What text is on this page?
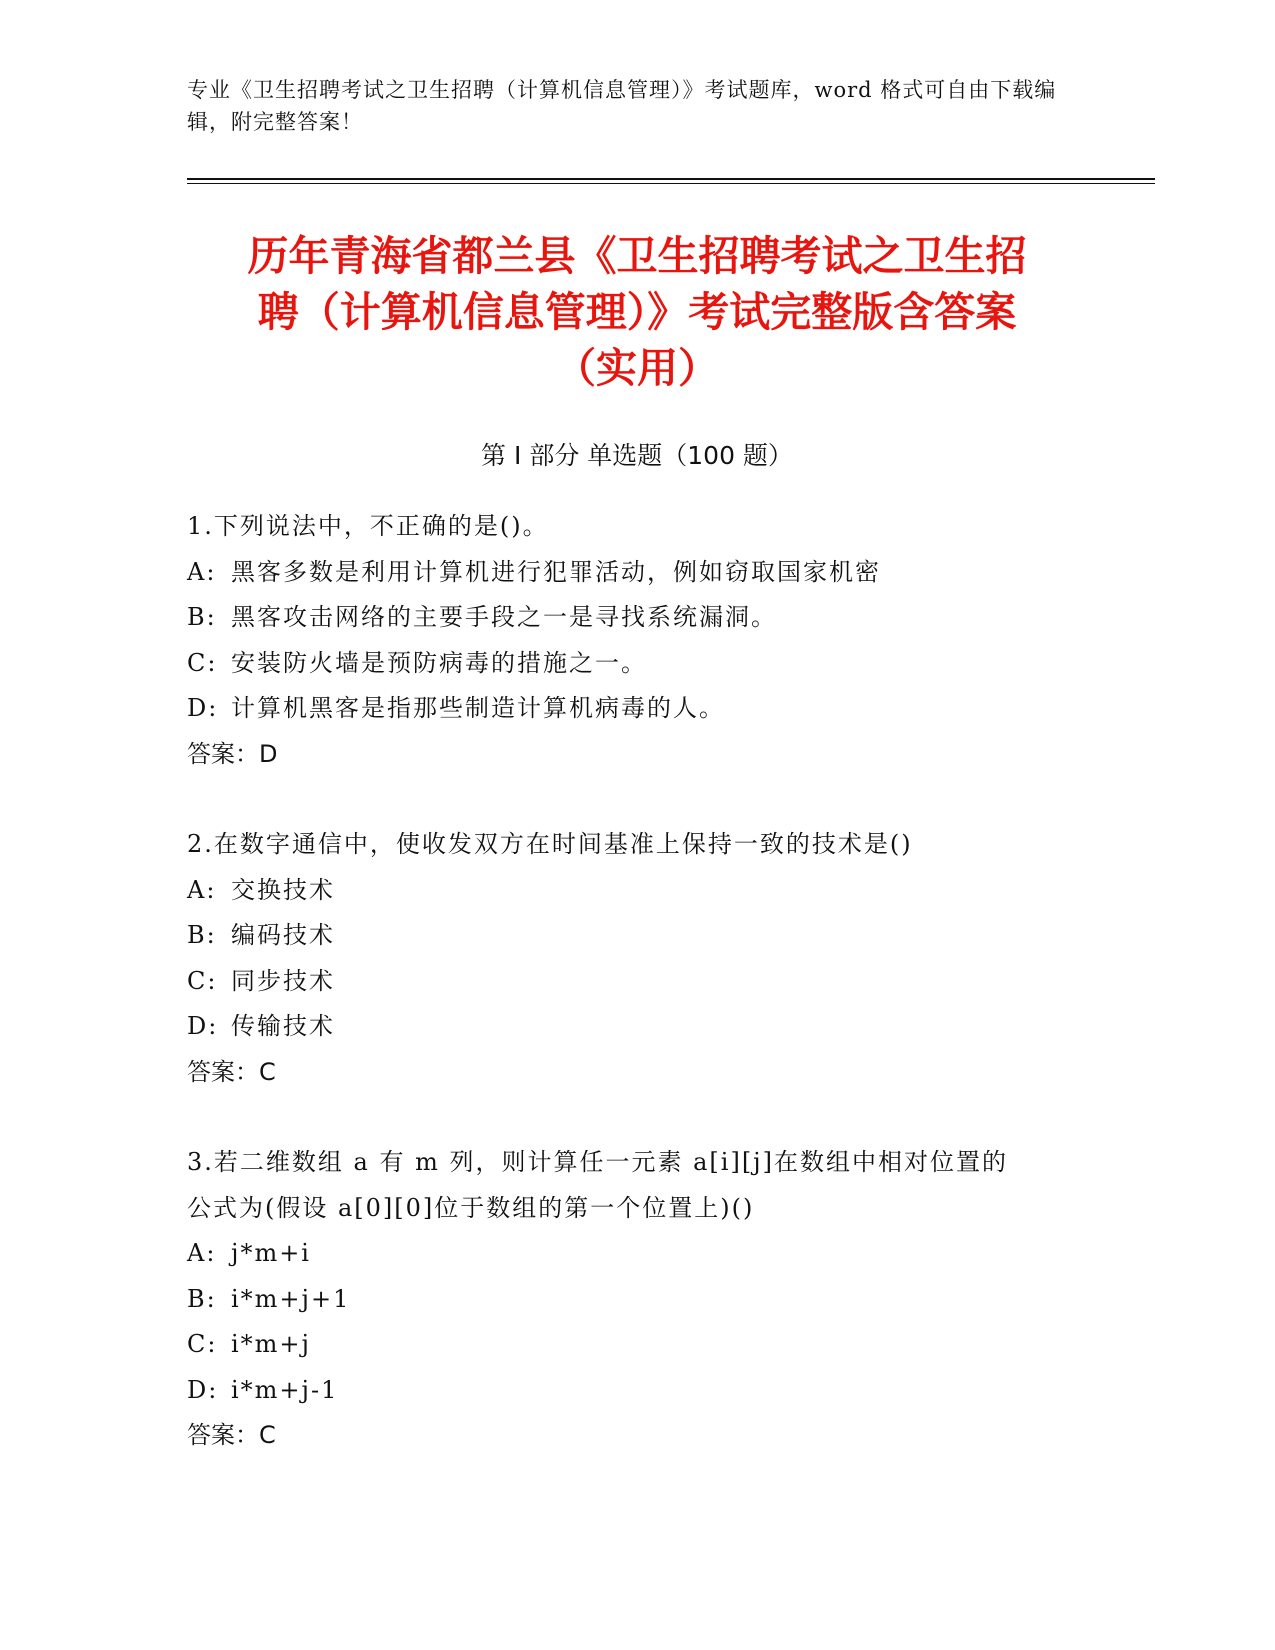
专业《卫生招聘考试之卫生招聘（计算机信息管理）》考试题库，word 格式可自由下载编辑，附完整答案！
历年青海省都兰县《卫生招聘考试之卫生招
聘（计算机信息管理）》考试完整版含答案
（实用）
第 I 部分 单选题（100 题）
1.下列说法中，不正确的是()。
A: 黑客多数是利用计算机进行犯罪活动，例如窃取国家机密
B: 黑客攻击网络的主要手段之一是寻找系统漏洞。
C: 安装防火墙是预防病毒的措施之一。
D: 计算机黑客是指那些制造计算机病毒的人。
答案：D
2.在数字通信中，使收发双方在时间基准上保持一致的技术是()
A: 交换技术
B: 编码技术
C: 同步技术
D: 传输技术
答案：C
3.若二维数组 a 有 m 列，则计算任一元素 a[i][j]在数组中相对位置的
公式为(假设 a[0][0]位于数组的第一个位置上)()
A: j*m+i
B: i*m+j+1
C: i*m+j
D: i*m+j-1
答案：C
